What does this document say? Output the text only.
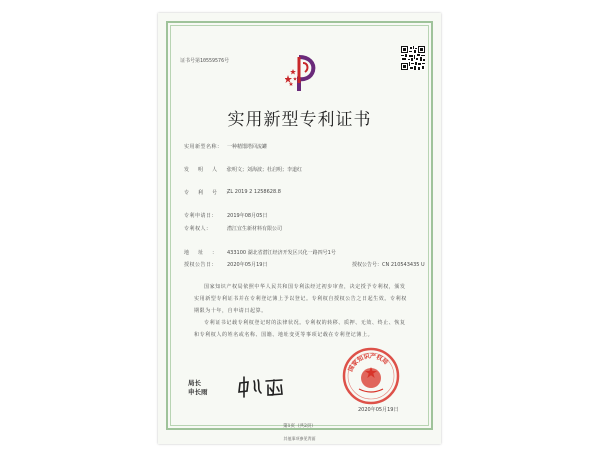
证书号第10559576号
实用新型专利证书
实用新型名称： 一种精馏塔回流罐
发明人：
张明文；刘海波；杜启明；李道红
专利号：
ZL 2019 2 1258628.8
专利申请日： 2019年08月05日
专利权人：	潜江宜生新材料有限公司
地址： 433100 湖北省潜江经济开发区兴化一路四号1号
授权公告日： 2020年05月19日	授权公告号：CN 210543435 U

国家知识产权局依照中华人民共和国专利法经过初步审查，决定授予专利权，颁发实用新型专利证书并在专利登记簿上予以登记。专利权自授权公告之日起生效。专利权期限为十年，自申请日起算。

专利证书记载专利权登记时的法律状况。专利权的转移、质押、无效、终止、恢复和专利权人的姓名或名称、国籍、地址变更等事项记载在专利登记簿上。

局长
申长雨
国家知识产权局
2020年05月19日
第1页（共2页）
其他事项参见背面
